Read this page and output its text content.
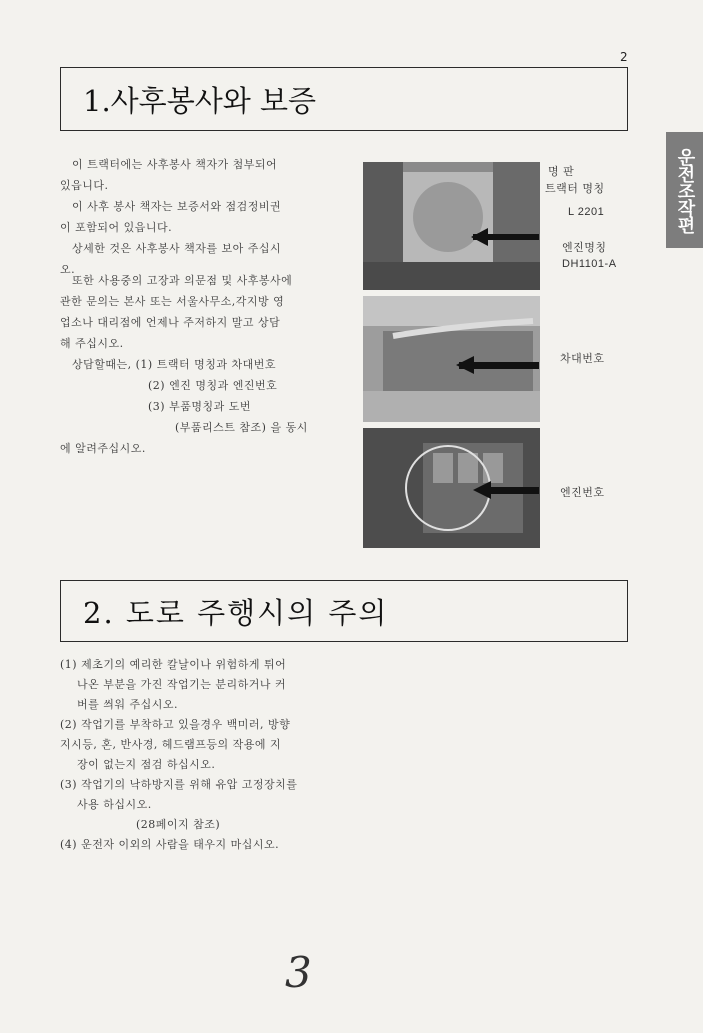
2
운전조작편
1.사후봉사와 보증
이 트랙터에는 사후봉사 책자가 첨부되어
있읍니다.
이 사후 봉사 책자는 보증서와 점검정비권
이 포함되어 있읍니다.
상세한 것은 사후봉사 책자를 보아 주십시
오.
또한 사용중의 고장과 의문점 및 사후봉사에
관한 문의는 본사 또는 서울사무소,각지방 영
업소나 대리점에 언제나 주저하지 말고 상담
해 주십시오.
상담할때는, (1) 트랙터 명칭과 차대번호
(2) 엔진 명칭과 엔진번호
(3) 부품명칭과 도번
(부품리스트 참조) 을 동시
에 알려주십시오.
명 판
트랙터 명칭
L 2201
엔진명칭
DH1101-A
차대번호
엔진번호
2. 도로 주행시의 주의
(1) 제초기의 예리한 칼날이나 위험하게 튀어
나온 부분을 가진 작업기는 분리하거나 커
버를 씌워 주십시오.
(2) 작업기를 부착하고 있을경우 백미러, 방향
지시등, 혼, 반사경, 헤드램프등의 작용에 지
장이 없는지 점검 하십시오.
(3) 작업기의 낙하방지를 위해 유압 고정장치를
사용 하십시오.
(28페이지 참조)
(4) 운전자 이외의 사람을 태우지 마십시오.
3
